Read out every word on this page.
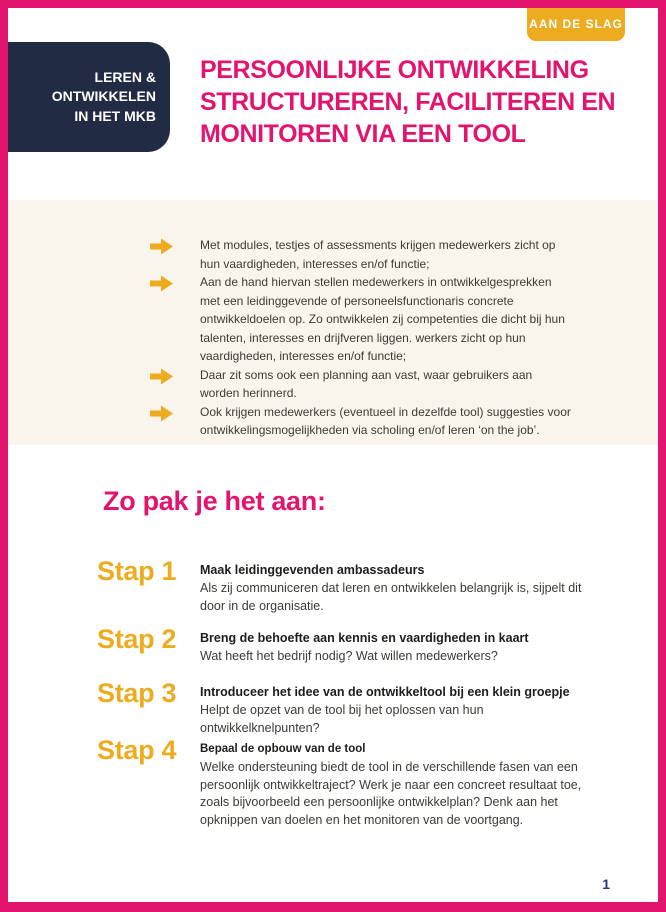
AAN DE SLAG
LEREN &
ONTWIKKELEN
IN HET MKB
PERSOONLIJKE ONTWIKKELING
STRUCTUREREN, FACILITEREN EN
MONITOREN VIA EEN TOOL

Met modules, testjes of assessments krijgen medewerkers zicht op hun vaardigheden, interesses en/of functie;

Aan de hand hiervan stellen medewerkers in ontwikkelgesprekken met een leidinggevende of personeelsfunctionaris concrete ontwikkeldoelen op. Zo ontwikkelen zij competenties die dicht bij hun talenten, interesses en drijfveren liggen. werkers zicht op hun vaardigheden, interesses en/of functie;

Daar zit soms ook een planning aan vast, waar gebruikers aan worden herinnerd.

Ook krijgen medewerkers (eventueel in dezelfde tool) suggesties voor ontwikkelingsmogelijkheden via scholing en/of leren ‘on the job’.

Zo pak je het aan:
Stap 1	Maak leidinggevenden ambassadeurs
Als zij communiceren dat leren en ontwikkelen belangrijk is, sijpelt dit door in de organisatie.
Stap 2	Breng de behoefte aan kennis en vaardigheden in kaart
Wat heeft het bedrijf nodig? Wat willen medewerkers?
Stap 3	Introduceer het idee van de ontwikkeltool bij een klein groepje
Helpt de opzet van de tool bij het oplossen van hun ontwikkelknelpunten?
Stap 4	Bepaal de opbouw van de tool
Welke ondersteuning biedt de tool in de verschillende fasen van een persoonlijk ontwikkeltraject? Werk je naar een concreet resultaat toe, zoals bijvoorbeeld een persoonlijke ontwikkelplan? Denk aan het opknippen van doelen en het monitoren van de voortgang.
1
